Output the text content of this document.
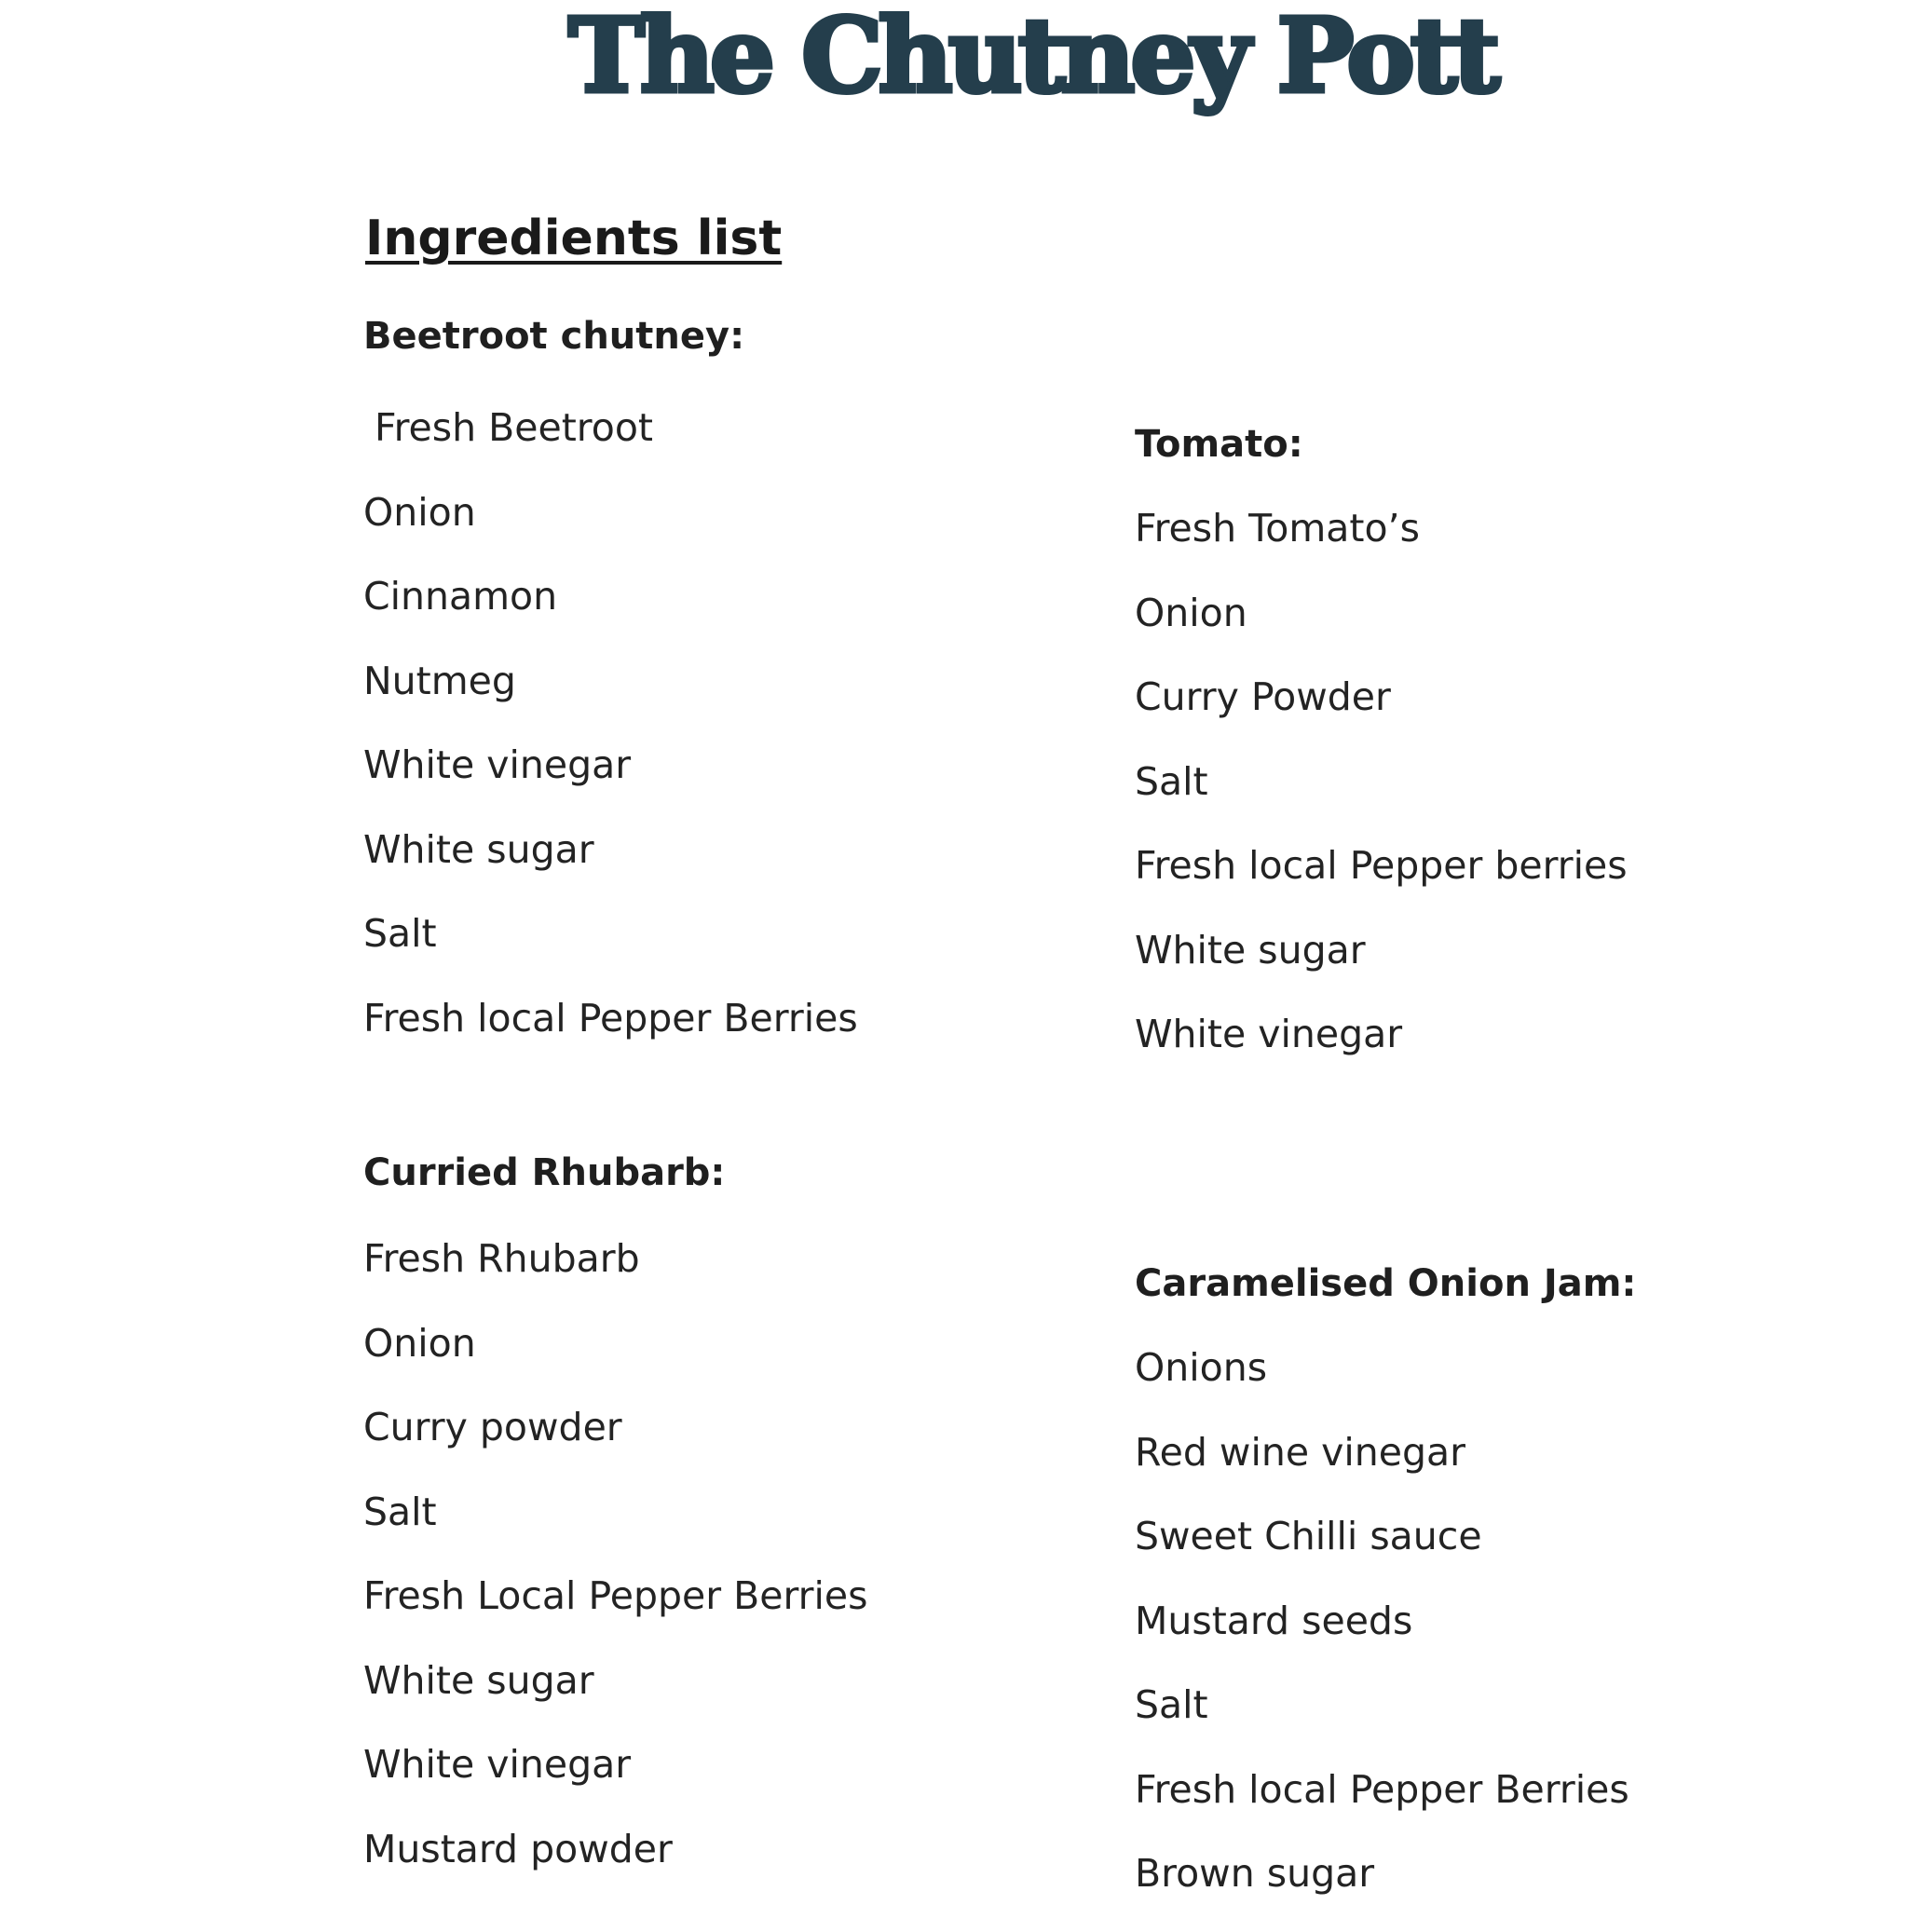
The Chutney Pott
Ingredients list
Beetroot chutney:
Fresh Beetroot
Onion
Cinnamon
Nutmeg
White vinegar
White sugar
Salt
Fresh local Pepper Berries
Tomato:
Fresh Tomato’s
Onion
Curry Powder
Salt
Fresh local Pepper berries
White sugar
White vinegar
Curried Rhubarb:
Fresh Rhubarb
Onion
Curry powder
Salt
Fresh Local Pepper Berries
White sugar
White vinegar
Mustard powder
Caramelised Onion Jam:
Onions
Red wine vinegar
Sweet Chilli sauce
Mustard seeds
Salt
Fresh local Pepper Berries
Brown sugar
